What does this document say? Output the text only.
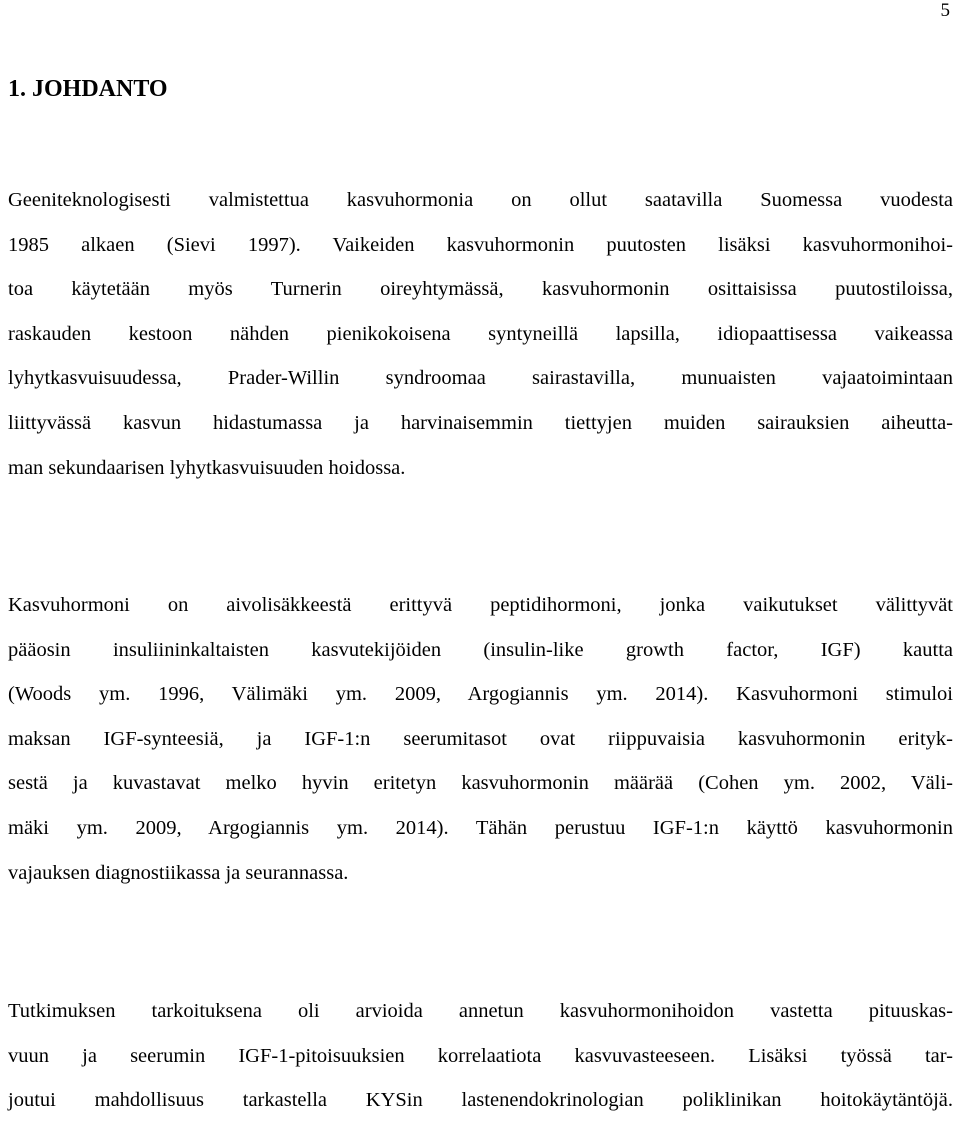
5
1. JOHDANTO
Geeniteknologisesti valmistettua kasvuhormonia on ollut saatavilla Suomessa vuodesta
1985 alkaen (Sievi 1997). Vaikeiden kasvuhormonin puutosten lisäksi kasvuhormonihoi-
toa käytetään myös Turnerin oireyhtymässä, kasvuhormonin osittaisissa puutostiloissa,
raskauden kestoon nähden pienikokoisena syntyneillä lapsilla, idiopaattisessa vaikeassa
lyhytkasvuisuudessa, Prader-Willin syndroomaa sairastavilla, munuaisten vajaatoimintaan
liittyvässä kasvun hidastumassa ja harvinaisemmin tiettyjen muiden sairauksien aiheutta-
man sekundaarisen lyhytkasvuisuuden hoidossa.
Kasvuhormoni on aivolisäkkeestä erittyvä peptidihormoni, jonka vaikutukset välittyvät
pääosin insuliininkaltaisten kasvutekijöiden (insulin-like growth factor, IGF) kautta
(Woods ym. 1996, Välimäki ym. 2009, Argogiannis ym. 2014). Kasvuhormoni stimuloi
maksan IGF-synteesiä, ja IGF-1:n seerumitasot ovat riippuvaisia kasvuhormonin erityk-
sestä ja kuvastavat melko hyvin eritetyn kasvuhormonin määrää (Cohen ym. 2002, Väli-
mäki ym. 2009, Argogiannis ym. 2014). Tähän perustuu IGF-1:n käyttö kasvuhormonin
vajauksen diagnostiikassa ja seurannassa.
Tutkimuksen tarkoituksena oli arvioida annetun kasvuhormonihoidon vastetta pituuskas-
vuun ja seerumin IGF-1-pitoisuuksien korrelaatiota kasvuvasteeseen. Lisäksi työssä tar-
joutui mahdollisuus tarkastella KYSin lastenendokrinologian poliklinikan hoitokäytäntöjä.
